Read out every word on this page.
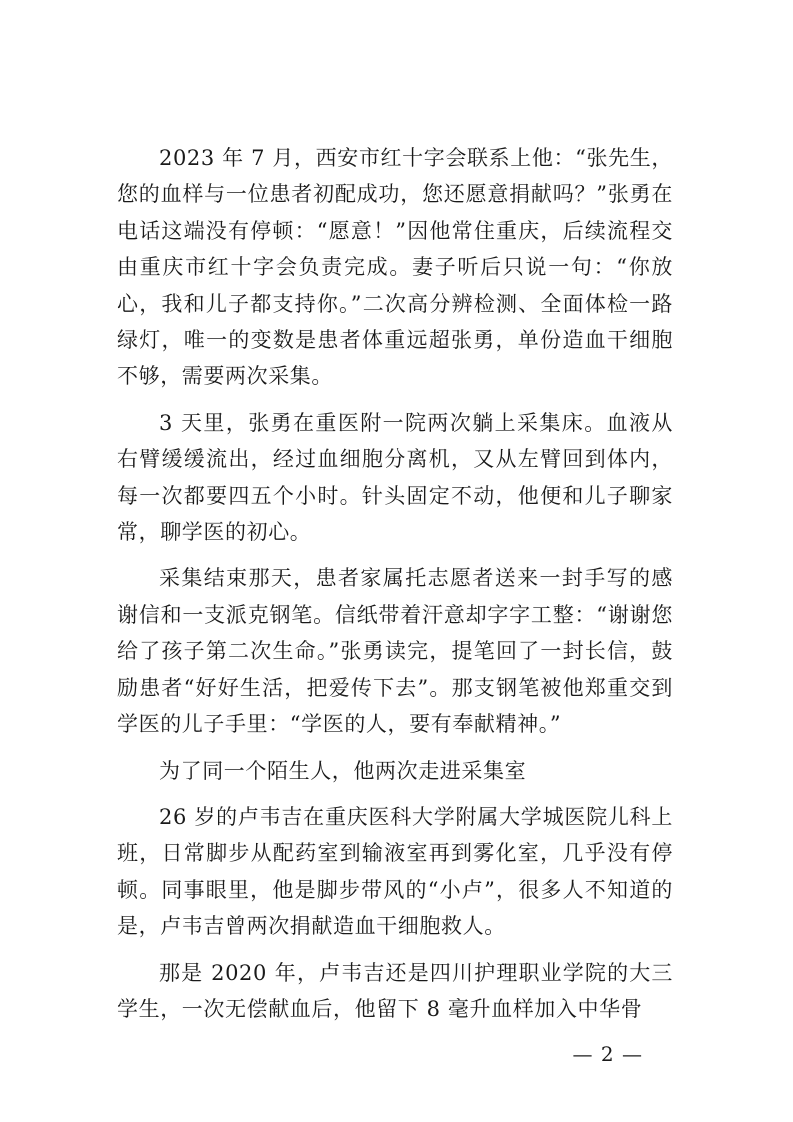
2023 年 7 月，西安市红十字会联系上他：“张先生，您的血样与一位患者初配成功，您还愿意捐献吗？”张勇在电话这端没有停顿：“愿意！”因他常住重庆，后续流程交由重庆市红十字会负责完成。妻子听后只说一句：“你放心，我和儿子都支持你。”二次高分辨检测、全面体检一路绿灯，唯一的变数是患者体重远超张勇，单份造血干细胞不够，需要两次采集。

3 天里，张勇在重医附一院两次躺上采集床。血液从右臂缓缓流出，经过血细胞分离机，又从左臂回到体内，每一次都要四五个小时。针头固定不动，他便和儿子聊家常，聊学医的初心。

采集结束那天，患者家属托志愿者送来一封手写的感谢信和一支派克钢笔。信纸带着汗意却字字工整：“谢谢您给了孩子第二次生命。”张勇读完，提笔回了一封长信，鼓励患者“好好生活，把爱传下去”。那支钢笔被他郑重交到学医的儿子手里：“学医的人，要有奉献精神。”

为了同一个陌生人，他两次走进采集室

26 岁的卢韦吉在重庆医科大学附属大学城医院儿科上班，日常脚步从配药室到输液室再到雾化室，几乎没有停顿。同事眼里，他是脚步带风的“小卢”，很多人不知道的是，卢韦吉曾两次捐献造血干细胞救人。

那是 2020 年，卢韦吉还是四川护理职业学院的大三学生，一次无偿献血后，他留下 8 毫升血样加入中华骨

— 2 —
